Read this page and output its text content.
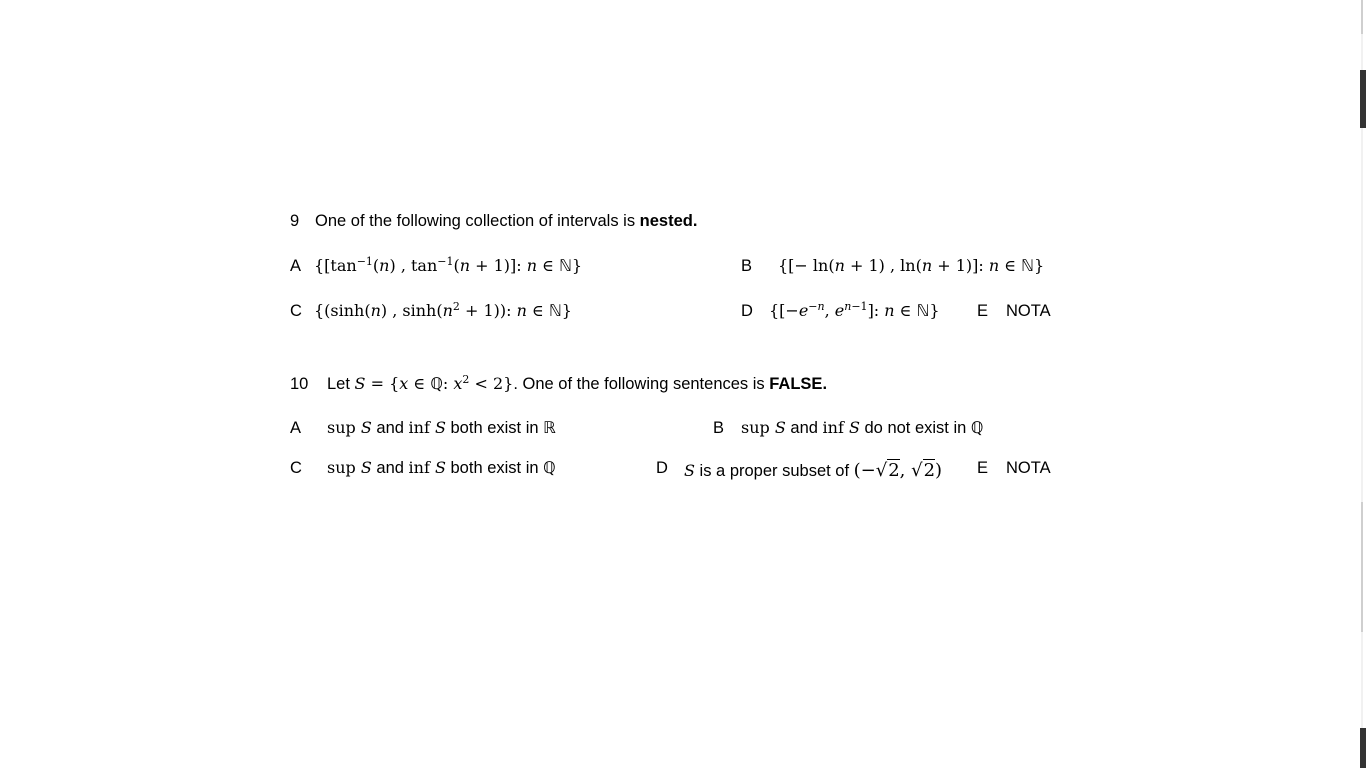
9 One of the following collection of intervals is nested.
A {[$\tan^{-1}(n)$ , $\tan^{-1}(n + 1)$]: n ∈ ℕ}	B {[− ln(n + 1) , ln(n + 1)]: n ∈ ℕ}
C {(sinh(n) , $\sinh(n^2 + 1)$): n ∈ ℕ}	D {[$-e^{-n}$, $e^{n-1}$]: n ∈ ℕ} E NOTA
10 Let S = {x ∈ ℚ: $x^2 < 2$}. One of the following sentences is FALSE.
A sup S and inf S both exist in ℝ	B sup S and inf S do not exist in ℚ
C sup S and inf S both exist in ℚ	D S is a proper subset of (−√2, √2) E NOTA
